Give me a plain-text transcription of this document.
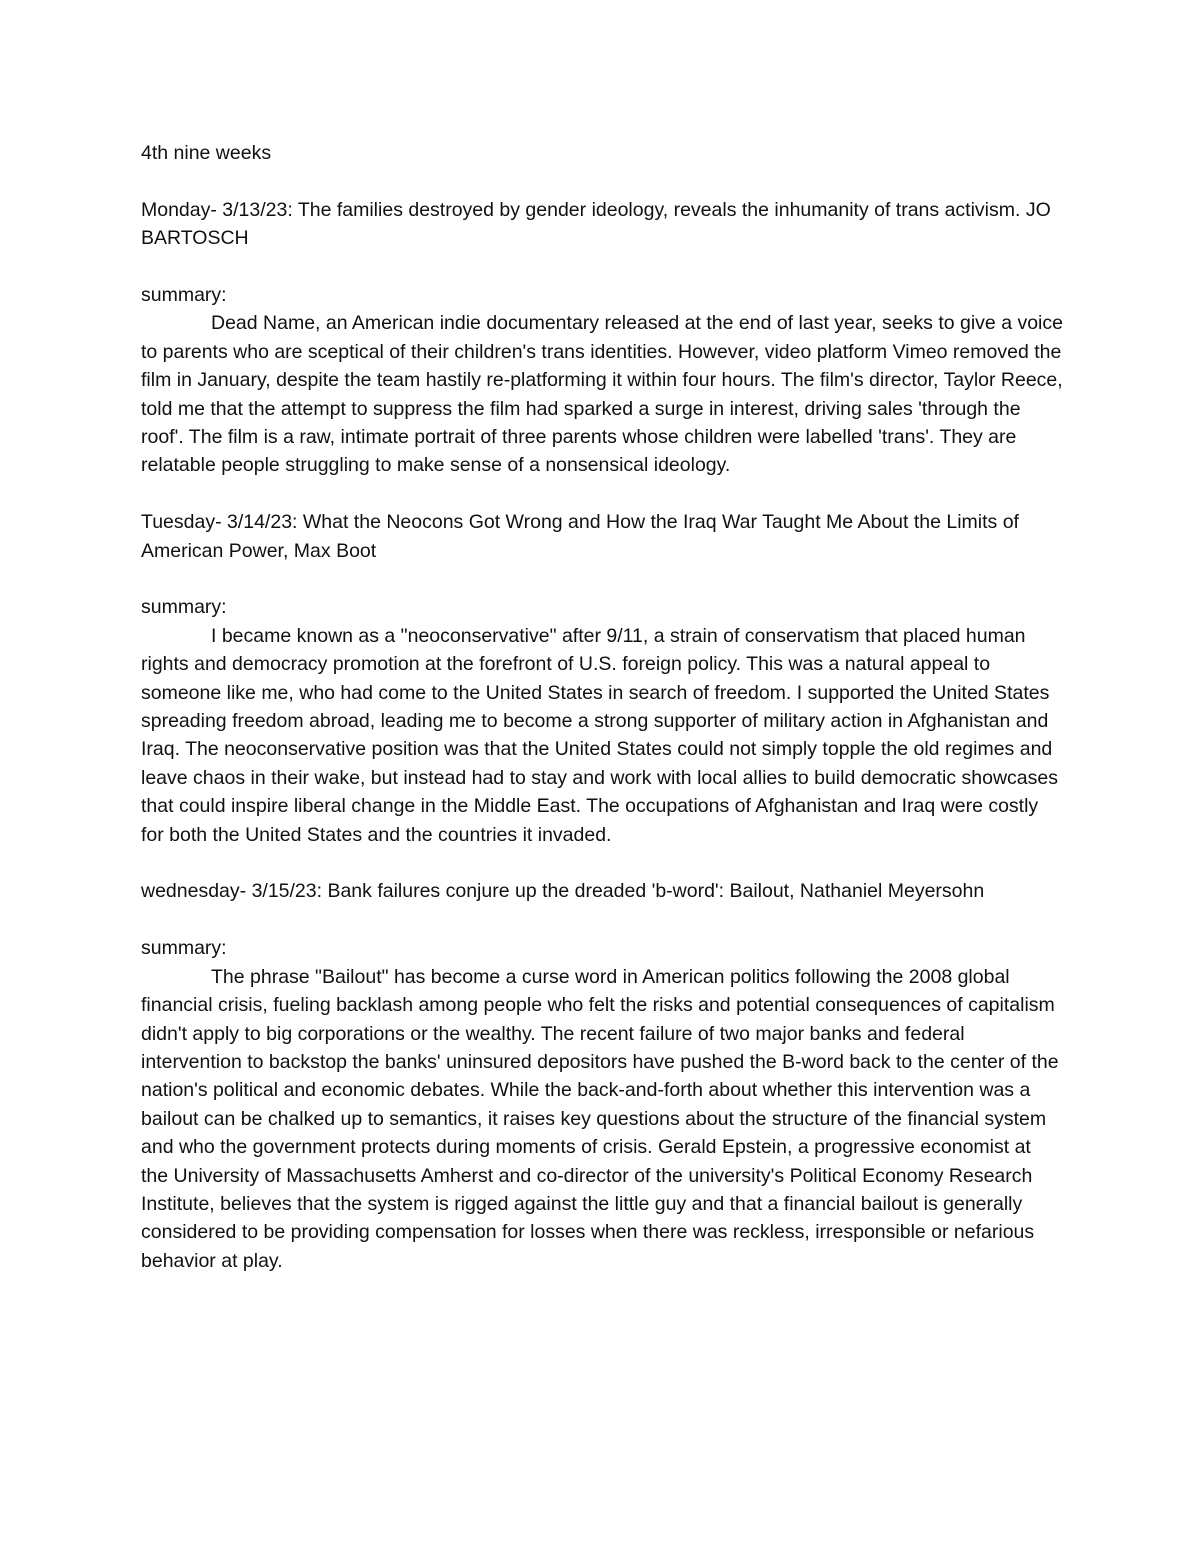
4th nine weeks

Monday- 3/13/23: The families destroyed by gender ideology, reveals the inhumanity of trans activism. JO BARTOSCH

summary:

Dead Name, an American indie documentary released at the end of last year, seeks to give a voice to parents who are sceptical of their children's trans identities. However, video platform Vimeo removed the film in January, despite the team hastily re-platforming it within four hours. The film's director, Taylor Reece, told me that the attempt to suppress the film had sparked a surge in interest, driving sales 'through the roof'. The film is a raw, intimate portrait of three parents whose children were labelled 'trans'. They are relatable people struggling to make sense of a nonsensical ideology.

Tuesday- 3/14/23: What the Neocons Got Wrong and How the Iraq War Taught Me About the Limits of American Power, Max Boot

summary:

I became known as a "neoconservative" after 9/11, a strain of conservatism that placed human rights and democracy promotion at the forefront of U.S. foreign policy. This was a natural appeal to someone like me, who had come to the United States in search of freedom. I supported the United States spreading freedom abroad, leading me to become a strong supporter of military action in Afghanistan and Iraq. The neoconservative position was that the United States could not simply topple the old regimes and leave chaos in their wake, but instead had to stay and work with local allies to build democratic showcases that could inspire liberal change in the Middle East. The occupations of Afghanistan and Iraq were costly for both the United States and the countries it invaded.

wednesday- 3/15/23: Bank failures conjure up the dreaded 'b-word': Bailout, Nathaniel Meyersohn

summary:

The phrase "Bailout" has become a curse word in American politics following the 2008 global financial crisis, fueling backlash among people who felt the risks and potential consequences of capitalism didn't apply to big corporations or the wealthy. The recent failure of two major banks and federal intervention to backstop the banks' uninsured depositors have pushed the B-word back to the center of the nation's political and economic debates. While the back-and-forth about whether this intervention was a bailout can be chalked up to semantics, it raises key questions about the structure of the financial system and who the government protects during moments of crisis. Gerald Epstein, a progressive economist at the University of Massachusetts Amherst and co-director of the university's Political Economy Research Institute, believes that the system is rigged against the little guy and that a financial bailout is generally considered to be providing compensation for losses when there was reckless, irresponsible or nefarious behavior at play.
